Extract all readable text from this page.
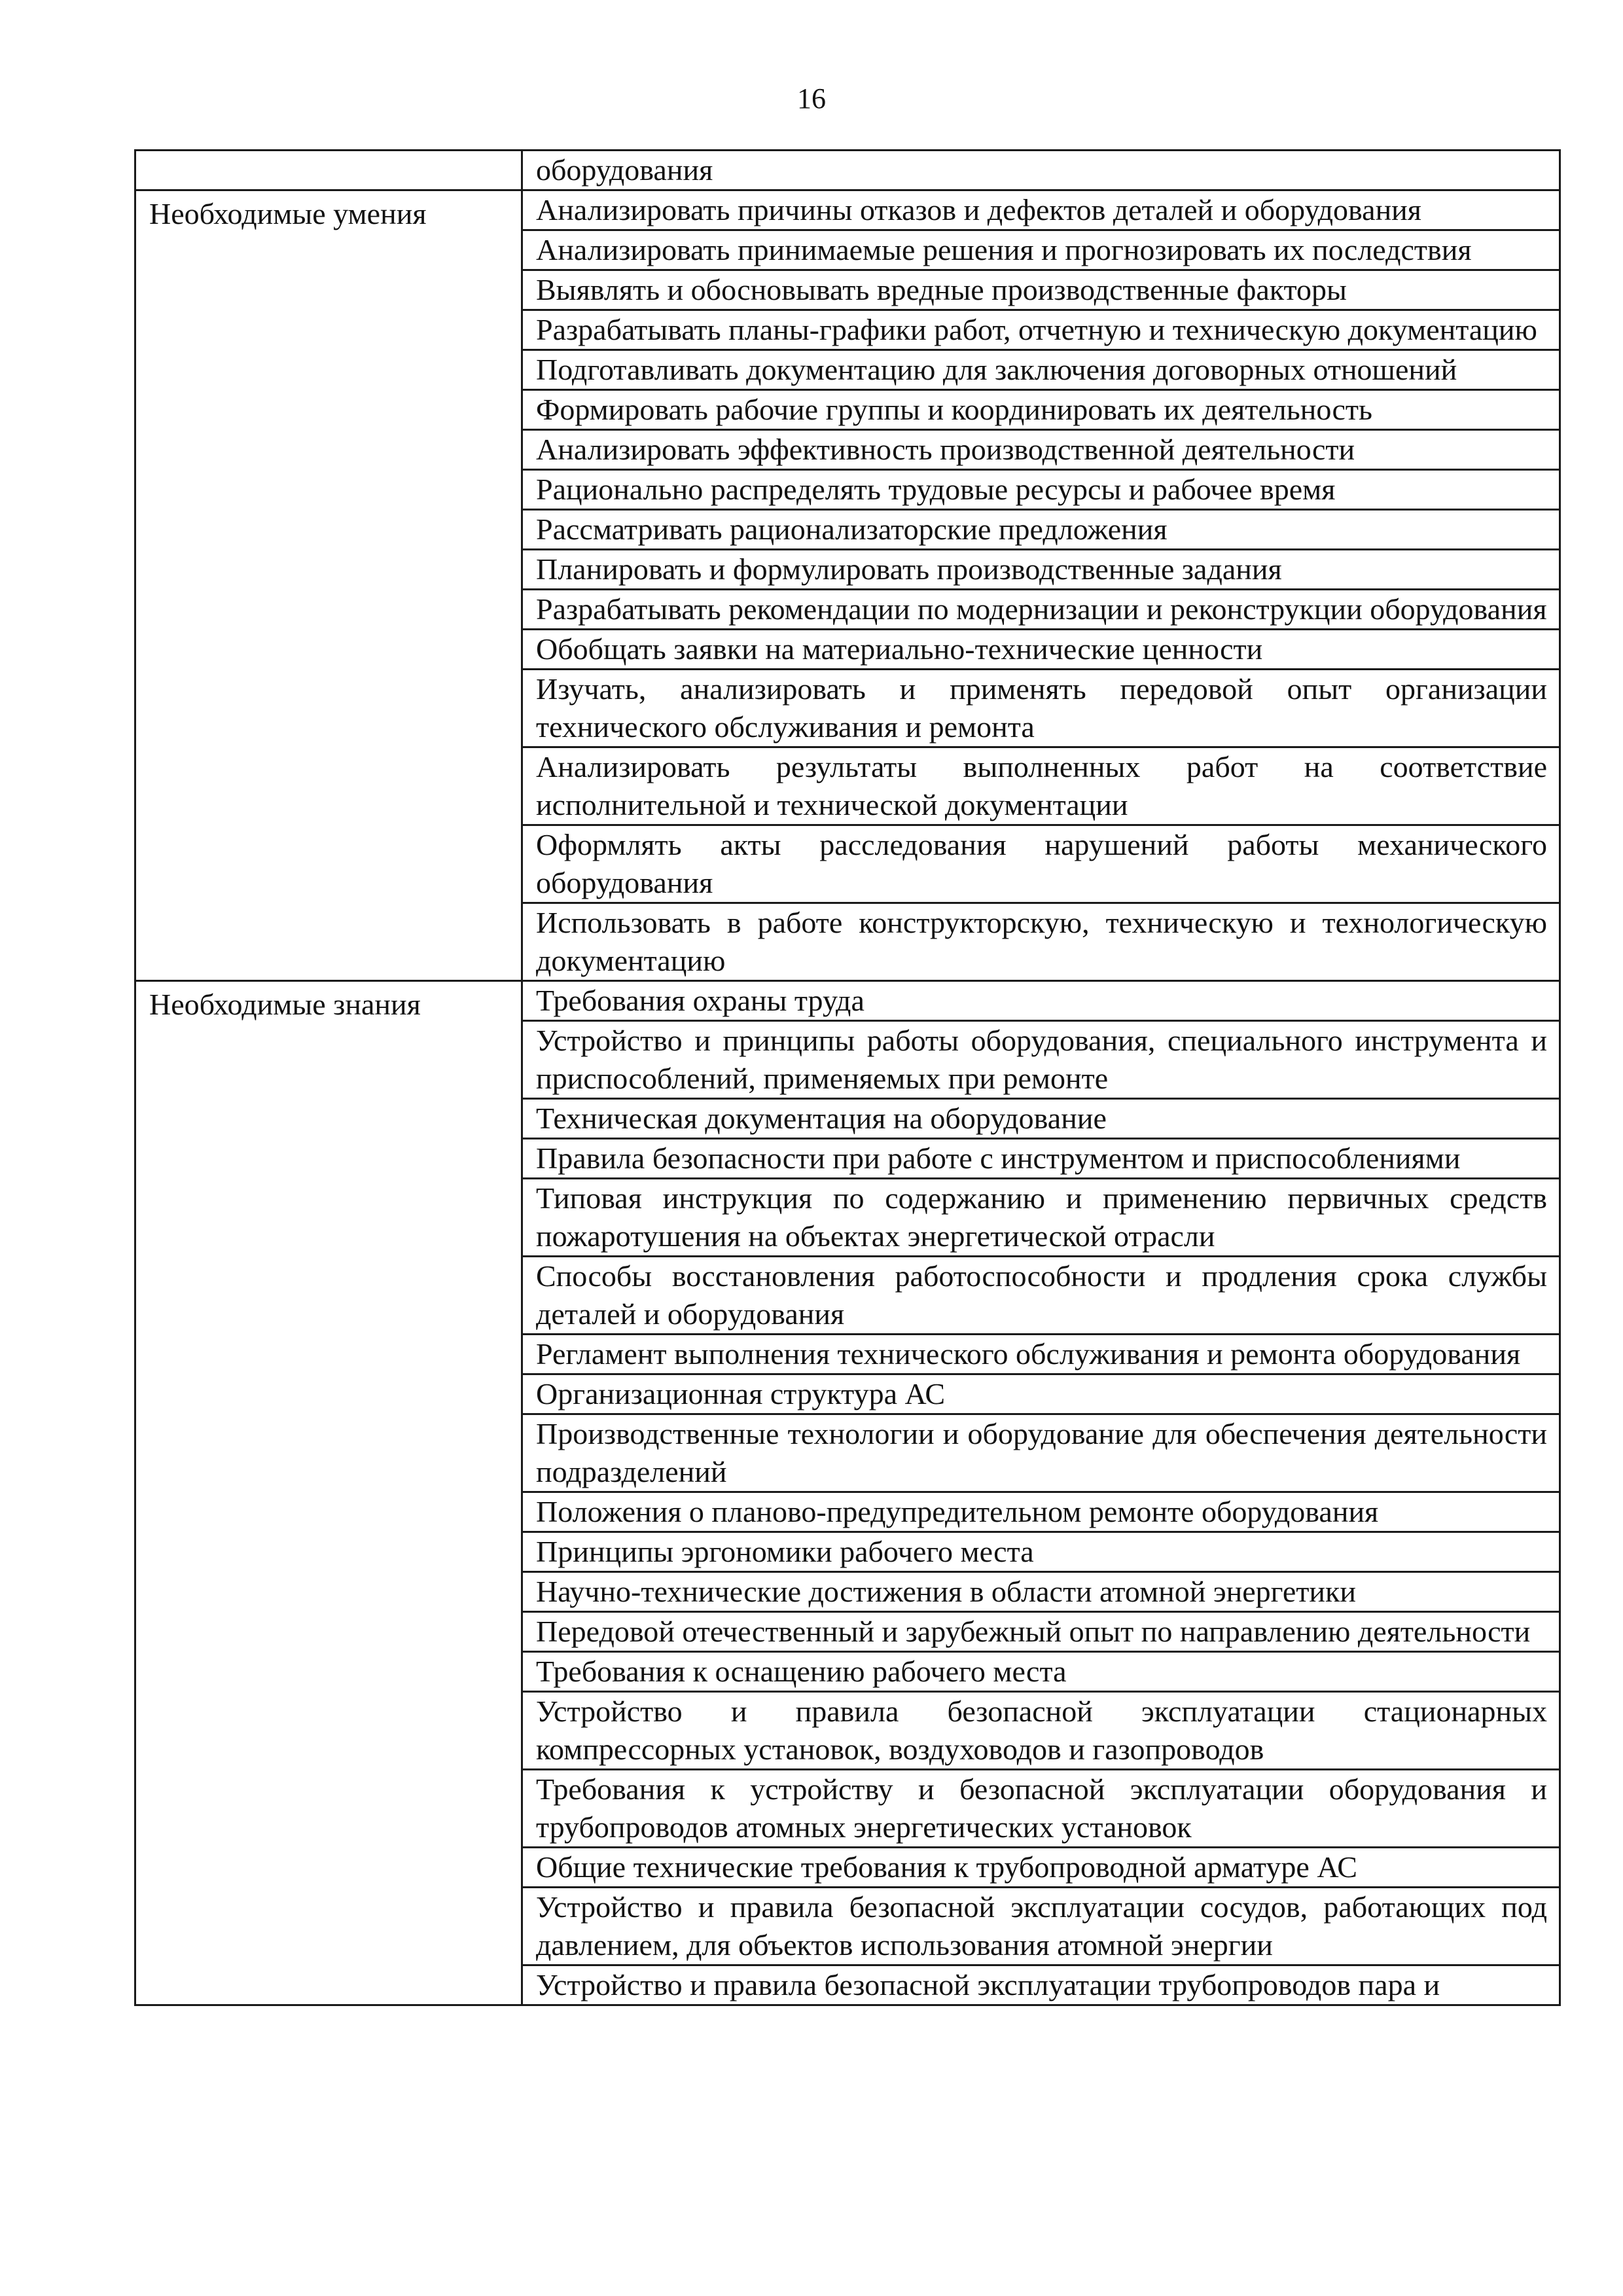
16
	оборудования

Необходимые умения	Анализировать причины отказов и дефектов деталей и оборудования
	Анализировать принимаемые решения и прогнозировать их последствия
	Выявлять и обосновывать вредные производственные факторы
	Разрабатывать планы-графики работ, отчетную и техническую документацию
	Подготавливать документацию для заключения договорных отношений
	Формировать рабочие группы и координировать их деятельность
	Анализировать эффективность производственной деятельности
	Рационально распределять трудовые ресурсы и рабочее время
	Рассматривать рационализаторские предложения
	Планировать и формулировать производственные задания
	Разрабатывать рекомендации по модернизации и реконструкции оборудования
	Обобщать заявки на материально-технические ценности
	Изучать, анализировать и применять передовой опыт организации технического обслуживания и ремонта
	Анализировать результаты выполненных работ на соответствие исполнительной и технической документации
	Оформлять акты расследования нарушений работы механического оборудования
	Использовать в работе конструкторскую, техническую и технологическую документацию

Необходимые знания	Требования охраны труда
	Устройство и принципы работы оборудования, специального инструмента и приспособлений, применяемых при ремонте
	Техническая документация на оборудование
	Правила безопасности при работе с инструментом и приспособлениями
	Типовая инструкция по содержанию и применению первичных средств пожаротушения на объектах энергетической отрасли
	Способы восстановления работоспособности и продления срока службы деталей и оборудования
	Регламент выполнения технического обслуживания и ремонта оборудования
	Организационная структура АС
	Производственные технологии и оборудование для обеспечения деятельности подразделений
	Положения о планово-предупредительном ремонте оборудования
	Принципы эргономики рабочего места
	Научно-технические достижения в области атомной энергетики
	Передовой отечественный и зарубежный опыт по направлению деятельности
	Требования к оснащению рабочего места
	Устройство и правила безопасной эксплуатации стационарных компрессорных установок, воздуховодов и газопроводов
	Требования к устройству и безопасной эксплуатации оборудования и трубопроводов атомных энергетических установок
	Общие технические требования к трубопроводной арматуре АС
	Устройство и правила безопасной эксплуатации сосудов, работающих под давлением, для объектов использования атомной энергии
	Устройство и правила безопасной эксплуатации трубопроводов пара и
